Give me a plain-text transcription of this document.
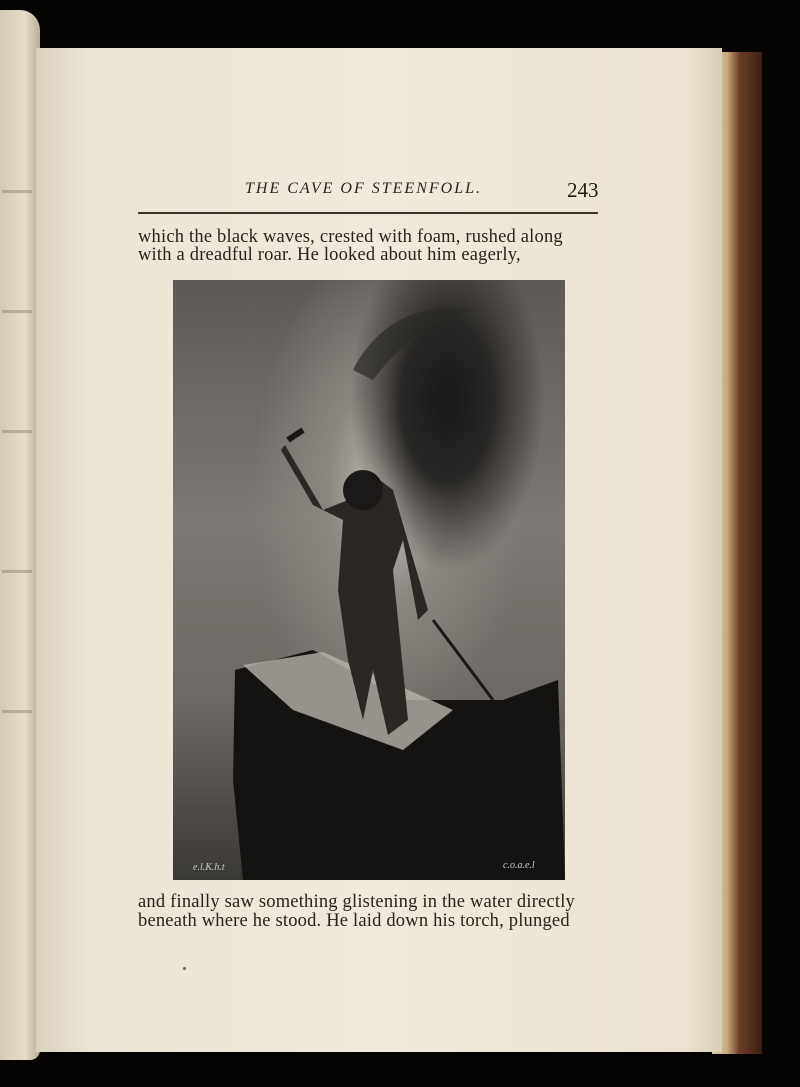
THE CAVE OF STEENFOLL.	243
which the black waves, crested with foam, rushed along
with a dreadful roar. He looked about him eagerly,
e.l.K.h.t	c.o.a.e.l
and finally saw something glistening in the water directly
beneath where he stood. He laid down his torch, plunged
